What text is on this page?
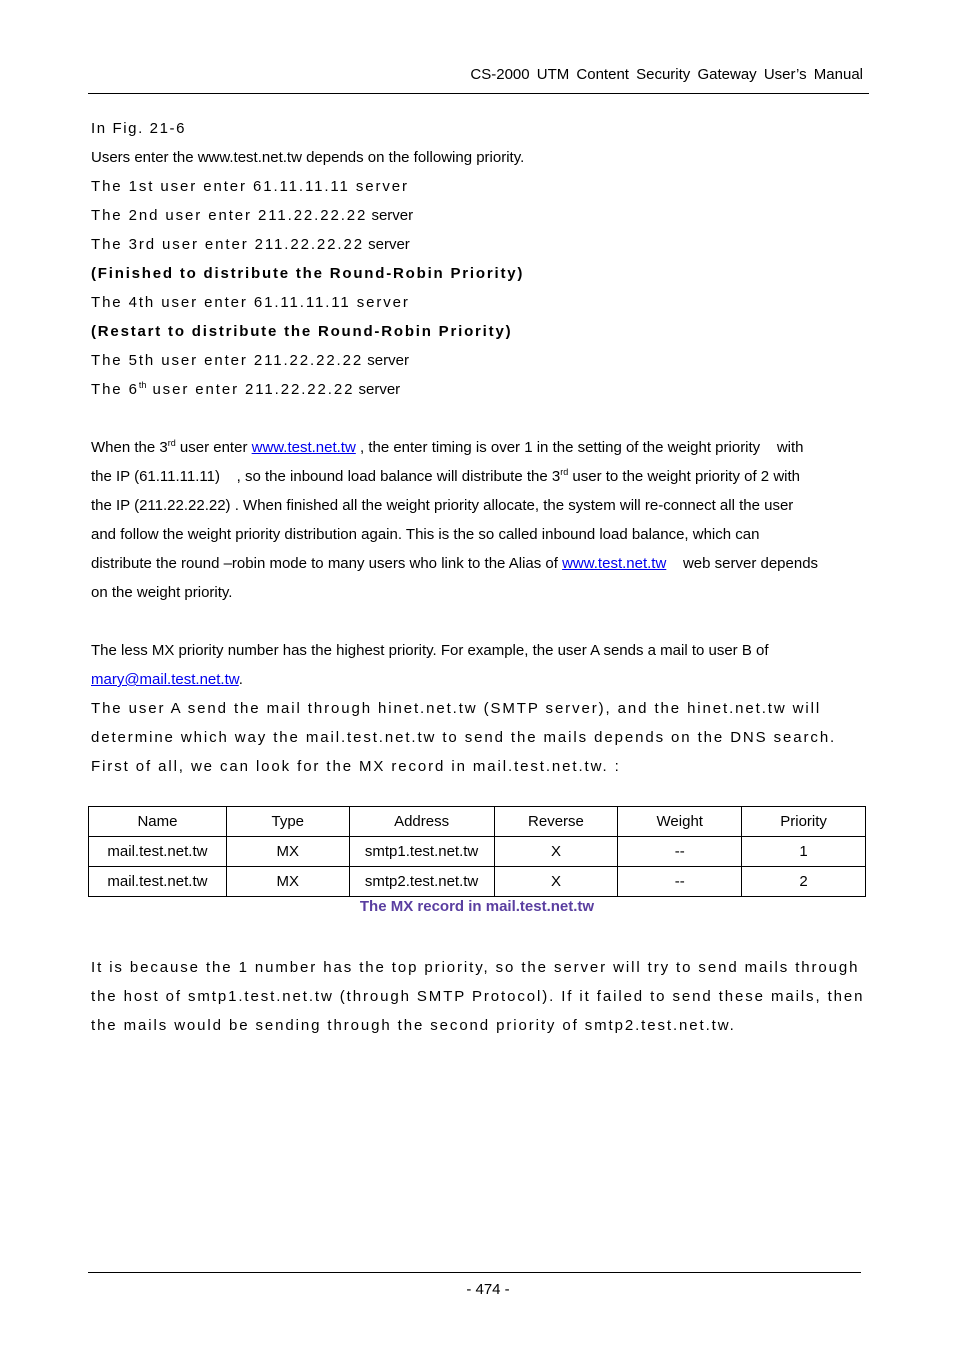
CS-2000 UTM Content Security Gateway User’s Manual
In Fig. 21-6
Users enter the www.test.net.tw depends on the following priority.
The 1st user enter 61.11.11.11 server
The 2nd user enter 211.22.22.22 server
The 3rd user enter 211.22.22.22 server
(Finished to distribute the Round-Robin Priority)
The 4th user enter 61.11.11.11 server
(Restart to distribute the Round-Robin Priority)
The 5th user enter 211.22.22.22 server
The 6th user enter 211.22.22.22 server
When the 3rd user enter www.test.net.tw , the enter timing is over 1 in the setting of the weight priority    with
the IP (61.11.11.11)    , so the inbound load balance will distribute the 3rd user to the weight priority of 2 with
the IP (211.22.22.22) . When finished all the weight priority allocate, the system will re-connect all the user
and follow the weight priority distribution again. This is the so called inbound load balance, which can
distribute the round –robin mode to many users who link to the Alias of www.test.net.tw    web server depends
on the weight priority.
The less MX priority number has the highest priority. For example, the user A sends a mail to user B of
mary@mail.test.net.tw.
The user A send the mail through hinet.net.tw (SMTP server), and the hinet.net.tw will
determine which way the mail.test.net.tw to send the mails depends on the DNS search.
First of all, we can look for the MX record in mail.test.net.tw. :
Name	Type	Address	Reverse	Weight	Priority
mail.test.net.tw	MX	smtp1.test.net.tw	X	--	1
mail.test.net.tw	MX	smtp2.test.net.tw	X	--	2
The MX record in mail.test.net.tw
It is because the 1 number has the top priority, so the server will try to send mails through
the host of smtp1.test.net.tw (through SMTP Protocol). If it failed to send these mails, then
the mails would be sending through the second priority of smtp2.test.net.tw.
- 474 -
